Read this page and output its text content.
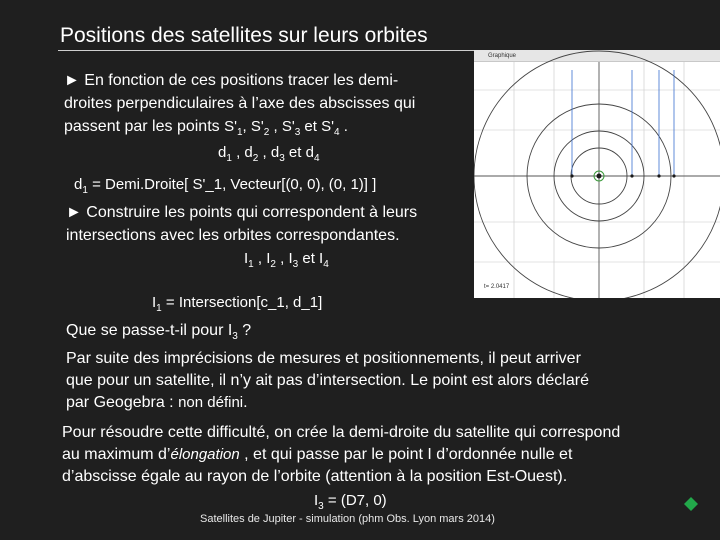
Positions des satellites sur leurs orbites
► En fonction de ces positions tracer les demi-
droites perpendiculaires à l’axe des abscisses qui
passent par les points $S'_1$, $S'_2$ , $S'_3$ et $S'_4$ .
$d_1$ , $d_2$ , $d_3$ et $d_4$
$d_1$ = Demi.Droite[ S'_1, Vecteur[(0, 0), (0, 1)] ]
► Construire les points qui correspondent à leurs
intersections avec les orbites correspondantes.
$I_1$ , $I_2$ , $I_3$ et $I_4$
$I_1$ = Intersection[c_1, d_1]
Que se passe-t-il pour $I_3$ ?
Par suite des imprécisions de mesures et positionnements, il peut arriver
que pour un satellite, il n’y ait pas d’intersection. Le point est alors déclaré
par Geogebra : non défini.
Pour résoudre cette difficulté, on crée la demi-droite du satellite qui correspond
au maximum d’élongation , et qui passe par le point I d’ordonnée nulle et
d’abscisse égale au rayon de l’orbite (attention à la position Est-Ouest).
$I_3 = (D7$, 0)
Graphique
t= 2.0417
Satellites de Jupiter - simulation (phm Obs. Lyon mars 2014)
